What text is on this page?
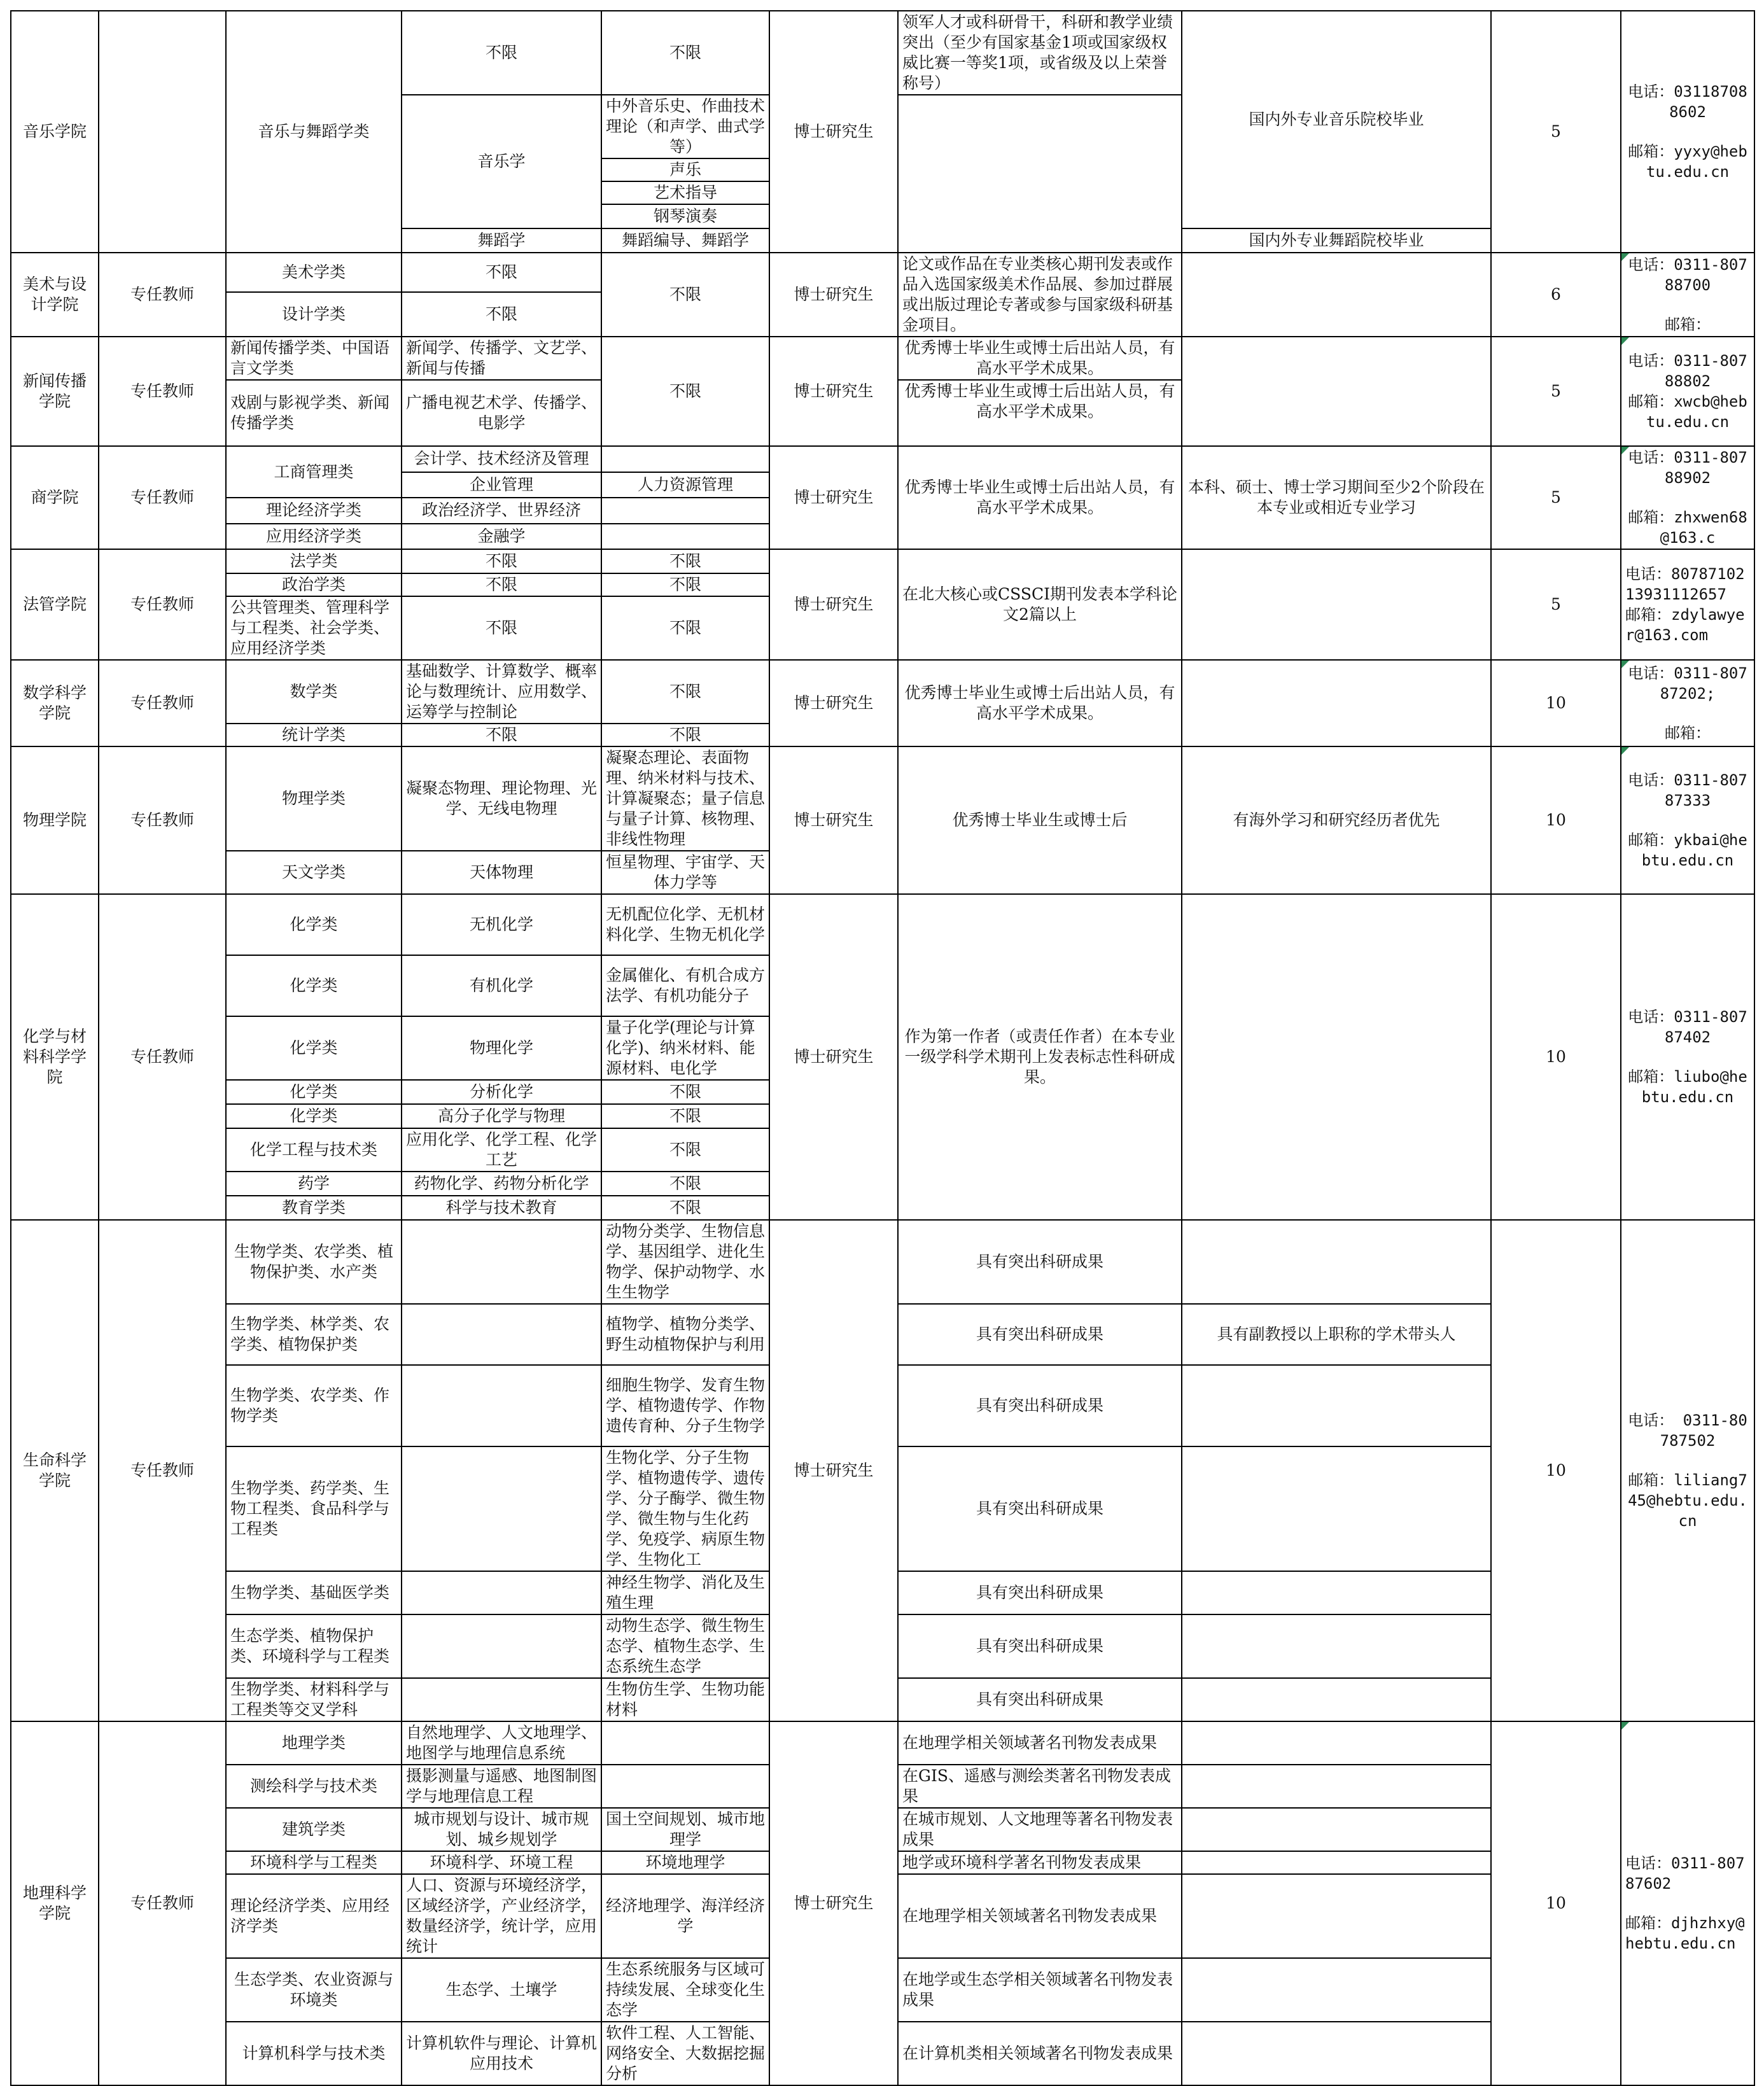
音乐学院		音乐与舞蹈学类	不限	不限	博士研究生	领军人才或科研骨干，科研和教学业绩突出（至少有国家基金1项或国家级权威比赛一等奖1项，或省级及以上荣誉称号）	国内外专业音乐院校毕业	5	电话：031187088602
邮箱：yyxy@hebtu.edu.cn

			音乐学	中外音乐史、作曲技术理论（和声学、曲式学等）					
				声乐					
				艺术指导					
				钢琴演奏					
			舞蹈学	舞蹈编导、舞蹈学			国内外专业舞蹈院校毕业		
美术与设计学院	专任教师	美术学类	不限	不限	博士研究生	论文或作品在专业类核心期刊发表或作品入选国家级美术作品展、参加过群展或出版过理论专著或参与国家级科研基金项目。		6	电话：0311-80788700
邮箱：

		设计学类	不限						
新闻传播学院	专任教师	新闻传播学类、中国语言文学类	新闻学、传播学、文艺学、新闻与传播	不限	博士研究生	优秀博士毕业生或博士后出站人员，有高水平学术成果。		5	电话：0311-80788802
邮箱：xwcb@hebtu.edu.cn
		戏剧与影视学类、新闻传播学类	广播电视艺术学、传播学、电影学			优秀博士毕业生或博士后出站人员，有高水平学术成果。			
商学院	专任教师	工商管理类	会计学、技术经济及管理		博士研究生	优秀博士毕业生或博士后出站人员，有高水平学术成果。	本科、硕士、博士学习期间至少2个阶段在本专业或相近专业学习	5	电话：0311-80788902
邮箱：zhxwen68@163.c

			企业管理	人力资源管理					
		理论经济学类	政治经济学、世界经济						
		应用经济学类	金融学						
法管学院	专任教师	法学类	不限	不限	博士研究生	在北大核心或CSSCI期刊发表本学科论文2篇以上		5	电话：80787102 13931112657
邮箱：zdylawyer@163.com
		政治学类	不限	不限					
		公共管理类、管理科学与工程类、社会学类、应用经济学类	不限	不限					
数学科学学院	专任教师	数学类	基础数学、计算数学、概率论与数理统计、应用数学、运筹学与控制论	不限	博士研究生	优秀博士毕业生或博士后出站人员，有高水平学术成果。		10	电话：0311-80787202;
邮箱：

		统计学类	不限	不限					
物理学院	专任教师	物理学类	凝聚态物理、理论物理、光学、无线电物理	凝聚态理论、表面物理、纳米材料与技术、计算凝聚态；量子信息与量子计算、核物理、非线性物理	博士研究生	优秀博士毕业生或博士后	有海外学习和研究经历者优先	10	电话：0311-80787333
邮箱：ykbai@hebtu.edu.cn

		天文学类	天体物理	恒星物理、宇宙学、天体力学等					
化学与材料科学学院	专任教师	化学类	无机化学	无机配位化学、无机材料化学、生物无机化学	博士研究生	作为第一作者（或责任作者）在本专业一级学科学术期刊上发表标志性科研成果。		10	电话：0311-80787402
邮箱：liubo@hebtu.edu.cn

		化学类	有机化学	金属催化、有机合成方法学、有机功能分子					
		化学类	物理化学	量子化学(理论与计算化学)、纳米材料、能源材料、电化学					
		化学类	分析化学	不限					
		化学类	高分子化学与物理	不限					
		化学工程与技术类	应用化学、化学工程、化学工艺	不限					
		药学	药物化学、药物分析化学	不限					
		教育学类	科学与技术教育	不限					
生命科学学院	专任教师	生物学类、农学类、植物保护类、水产类		动物分类学、生物信息学、基因组学、进化生物学、保护动物学、水生生物学	博士研究生	具有突出科研成果		10	电话： 0311-80787502
邮箱：liliang745@hebtu.edu.cn

		生物学类、林学类、农学类、植物保护类		植物学、植物分类学、野生动植物保护与利用		具有突出科研成果	具有副教授以上职称的学术带头人		
		生物学类、农学类、作物学类		细胞生物学、发育生物学、植物遗传学、作物遗传育种、分子生物学		具有突出科研成果			
		生物学类、药学类、生物工程类、食品科学与工程类		生物化学、分子生物学、植物遗传学、遗传学、分子酶学、微生物学、微生物与生化药学、免疫学、病原生物学、生物化工		具有突出科研成果			
		生物学类、基础医学类		神经生物学、消化及生殖生理		具有突出科研成果			
		生态学类、植物保护类、环境科学与工程类		动物生态学、微生物生态学、植物生态学、生态系统生态学		具有突出科研成果			
		生物学类、材料科学与工程类等交叉学科		生物仿生学、生物功能材料		具有突出科研成果			
地理科学学院	专任教师	地理学类	自然地理学、人文地理学、地图学与地理信息系统		博士研究生	在地理学相关领域著名刊物发表成果		10	电话：0311-80787602
邮箱：djhzhxy@hebtu.edu.cn

		测绘科学与技术类	摄影测量与遥感、地图制图学与地理信息工程			在GIS、遥感与测绘类著名刊物发表成果			
		建筑学类	城市规划与设计、城市规划、城乡规划学	国土空间规划、城市地理学		在城市规划、人文地理等著名刊物发表成果			
		环境科学与工程类	环境科学、环境工程	环境地理学		地学或环境科学著名刊物发表成果			
		理论经济学类、应用经济学类	人口、资源与环境经济学，区域经济学，产业经济学，数量经济学，统计学，应用统计	经济地理学、海洋经济学		在地理学相关领域著名刊物发表成果			
		生态学类、农业资源与环境类	生态学、土壤学	生态系统服务与区域可持续发展、全球变化生态学		在地学或生态学相关领域著名刊物发表成果			
		计算机科学与技术类	计算机软件与理论、计算机应用技术	软件工程、人工智能、网络安全、大数据挖掘分析		在计算机类相关领域著名刊物发表成果			
